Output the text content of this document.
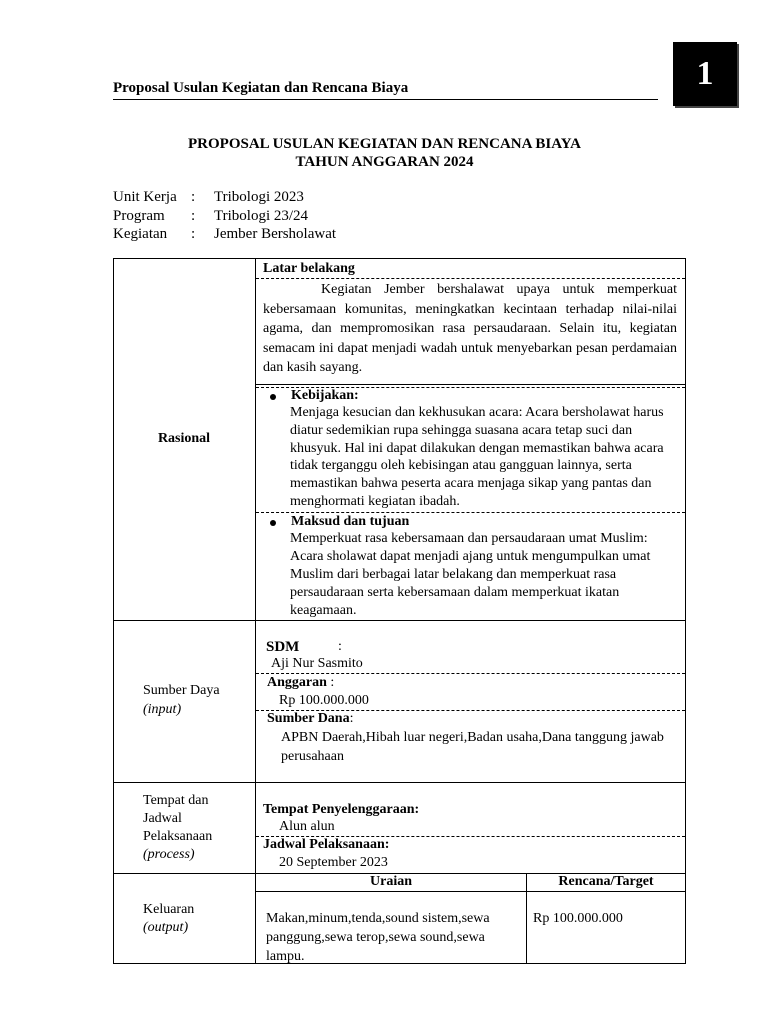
1
Proposal Usulan Kegiatan dan Rencana Biaya
PROPOSAL USULAN KEGIATAN DAN RENCANA BIAYA
TAHUN ANGGARAN 2024
Unit Kerja : Tribologi 2023
Program : Tribologi 23/24
Kegiatan : Jember Bersholawat
Rasional
Latar belakang
Kegiatan Jember bershalawat upaya untuk memperkuat kebersamaan komunitas, meningkatkan kecintaan terhadap nilai-nilai agama, dan mempromosikan rasa persaudaraan. Selain itu, kegiatan semacam ini dapat menjadi wadah untuk menyebarkan pesan perdamaian dan kasih sayang.
Kebijakan:
Menjaga kesucian dan kekhusukan acara: Acara bersholawat harus diatur sedemikian rupa sehingga suasana acara tetap suci dan khusyuk. Hal ini dapat dilakukan dengan memastikan bahwa acara tidak terganggu oleh kebisingan atau gangguan lainnya, serta memastikan bahwa peserta acara menjaga sikap yang pantas dan menghormati kegiatan ibadah.
Maksud dan tujuan
Memperkuat rasa kebersamaan dan persaudaraan umat Muslim: Acara sholawat dapat menjadi ajang untuk mengumpulkan umat Muslim dari berbagai latar belakang dan memperkuat rasa persaudaraan serta kebersamaan dalam memperkuat ikatan keagamaan.
Sumber Daya
(input)
SDM	:
Aji Nur Sasmito
Anggaran :
Rp 100.000.000
Sumber Dana:
APBN Daerah,Hibah luar negeri,Badan usaha,Dana tanggung jawab perusahaan
Tempat dan
Jadwal
Pelaksanaan
(process)
Tempat Penyelenggaraan:
Alun alun
Jadwal Pelaksanaan:
20 September 2023
Keluaran
(output)
Uraian	Rencana/Target
Makan,minum,tenda,sound sistem,sewa panggung,sewa terop,sewa sound,sewa lampu.
Rp 100.000.000
